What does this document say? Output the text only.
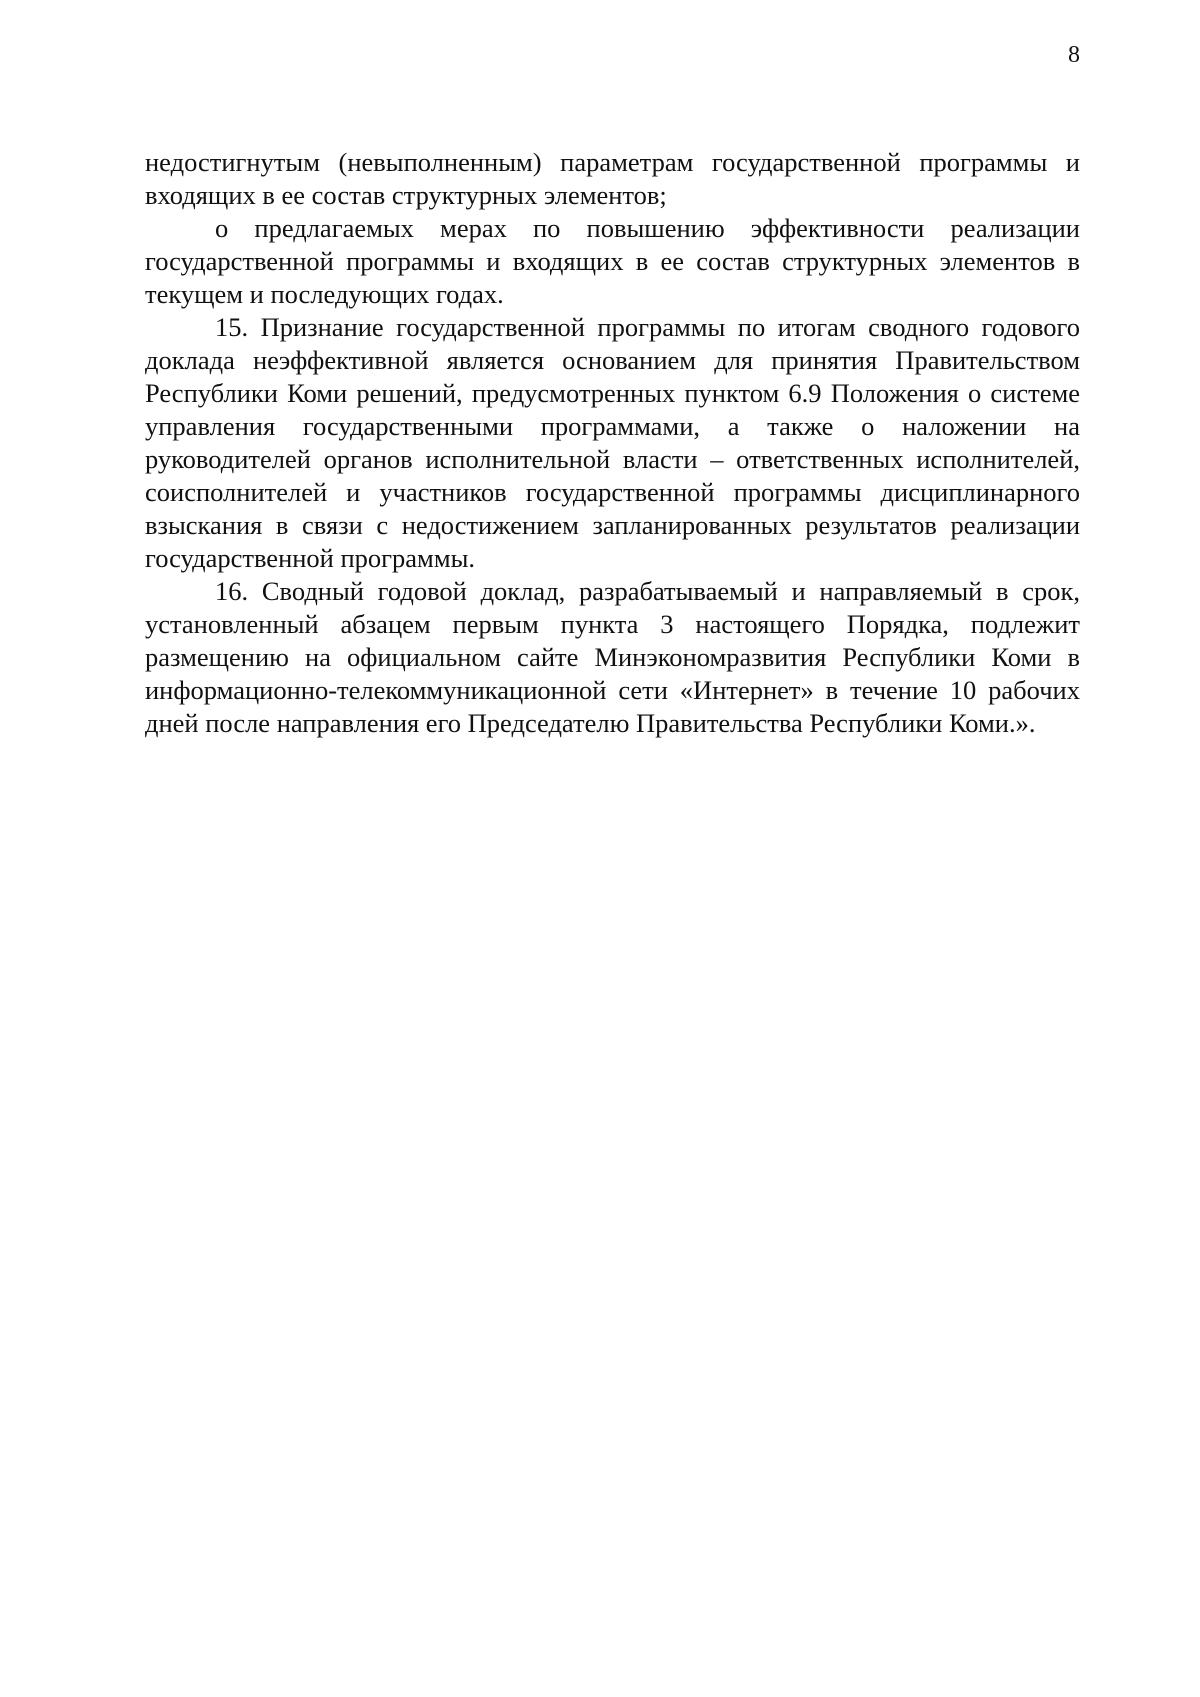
8

недостигнутым (невыполненным) параметрам государственной программы и входящих в ее состав структурных элементов;

о предлагаемых мерах по повышению эффективности реализации государственной программы и входящих в ее состав структурных элементов в текущем и последующих годах.

15. Признание государственной программы по итогам сводного годового доклада неэффективной является основанием для принятия Правительством Республики Коми решений, предусмотренных пунктом 6.9 Положения о системе управления государственными программами, а также о наложении на руководителей органов исполнительной власти – ответственных исполнителей, соисполнителей и участников государственной программы дисциплинарного взыскания в связи с недостижением запланированных результатов реализации государственной программы.

16. Сводный годовой доклад, разрабатываемый и направляемый в срок, установленный абзацем первым пункта 3 настоящего Порядка, подлежит размещению на официальном сайте Минэкономразвития Республики Коми в информационно-телекоммуникационной сети «Интернет» в течение 10 рабочих дней после направления его Председателю Правительства Республики Коми.».
